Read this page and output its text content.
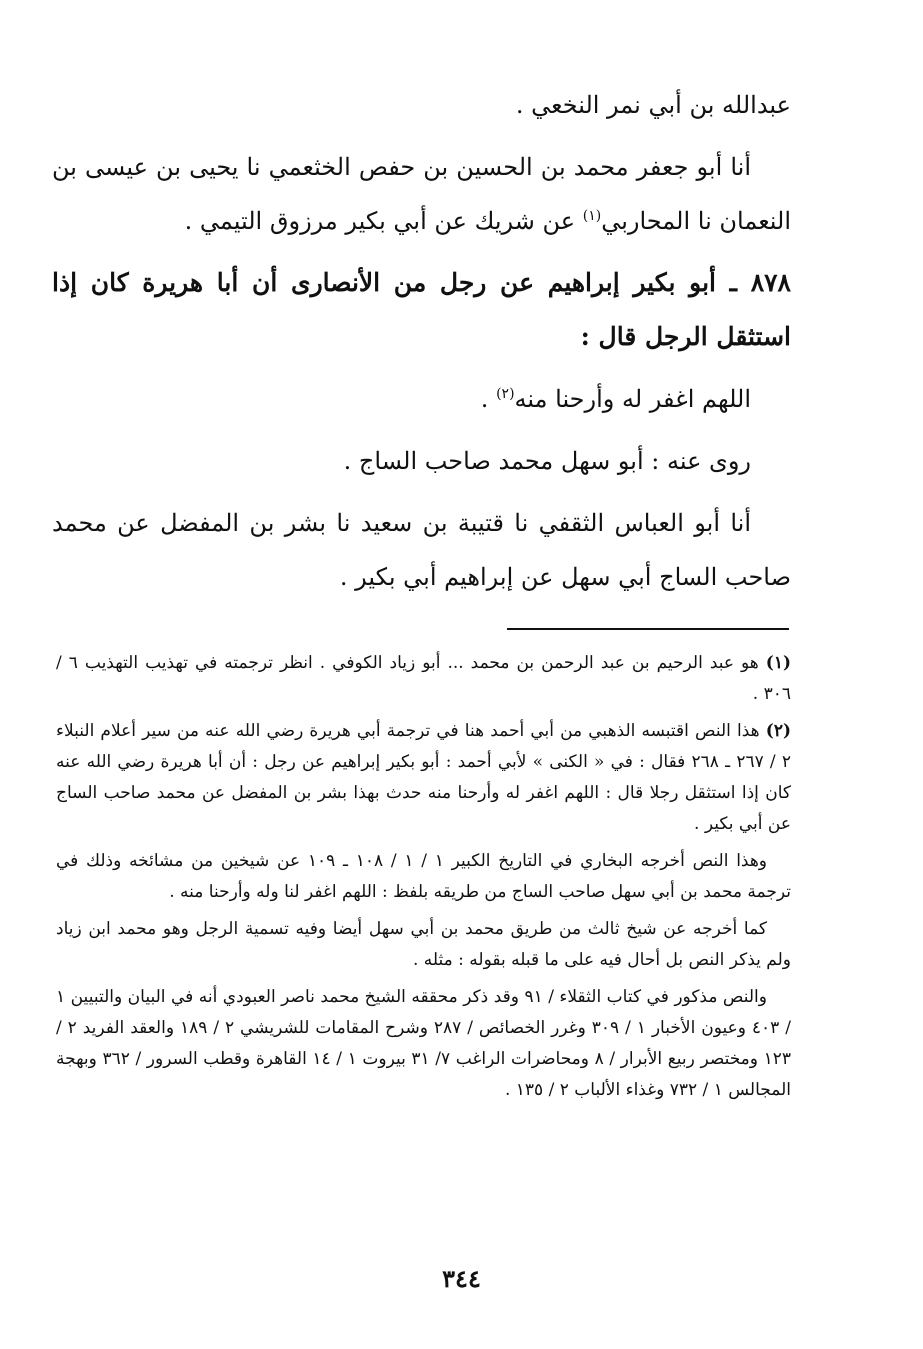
عبدالله بن أبي نمر النخعي .

أنا أبو جعفر محمد بن الحسين بن حفص الخثعمي نا يحيى بن عيسى بن النعمان نا المحاربي$^{(١)}$ عن شريك عن أبي بكير مرزوق التيمي .

٨٧٨ ـ أبو بكير إبراهيم عن رجل من الأنصارى أن أبا هريرة كان إذا استثقل الرجل قال :

اللهم اغفر له وأرحنا منه$^{(٢)}$ .

روى عنه : أبو سهل محمد صاحب الساج .

أنا أبو العباس الثقفي نا قتيبة بن سعيد نا بشر بن المفضل عن محمد صاحب الساج أبي سهل عن إبراهيم أبي بكير .

(١) هو عبد الرحيم بن عبد الرحمن بن محمد ... أبو زياد الكوفي . انظر ترجمته في تهذيب التهذيب ٦ / ٣٠٦ .

(٢) هذا النص اقتبسه الذهبي من أبي أحمد هنا في ترجمة أبي هريرة رضي الله عنه من سير أعلام النبلاء ٢ / ٢٦٧ ـ ٢٦٨ فقال : في « الكنى » لأبي أحمد : أبو بكير إبراهيم عن رجل : أن أبا هريرة رضي الله عنه كان إذا استثقل رجلا قال : اللهم اغفر له وأرحنا منه حدث بهذا بشر بن المفضل عن محمد صاحب الساج عن أبي بكير .

وهذا النص أخرجه البخاري في التاريخ الكبير ١ / ١ / ١٠٨ ـ ١٠٩ عن شيخين من مشائخه وذلك في ترجمة محمد بن أبي سهل صاحب الساج من طريقه بلفظ : اللهم اغفر لنا وله وأرحنا منه .

كما أخرجه عن شيخ ثالث من طريق محمد بن أبي سهل أيضا وفيه تسمية الرجل وهو محمد ابن زياد ولم يذكر النص بل أحال فيه على ما قبله بقوله : مثله .

والنص مذكور في كتاب الثقلاء / ٩١ وقد ذكر محققه الشيخ محمد ناصر العبودي أنه في البيان والتبيين ١ / ٤٠٣ وعيون الأخبار ١ / ٣٠٩ وغرر الخصائص / ٢٨٧ وشرح المقامات للشريشي ٢ / ١٨٩ والعقد الفريد ٢ / ١٢٣ ومختصر ربيع الأبرار / ٨ ومحاضرات الراغب ٧/ ٣١ بيروت ١ / ١٤ القاهرة وقطب السرور / ٣٦٢ وبهجة المجالس ١ / ٧٣٢ وغذاء الألباب ٢ / ١٣٥ .

٣٤٤
